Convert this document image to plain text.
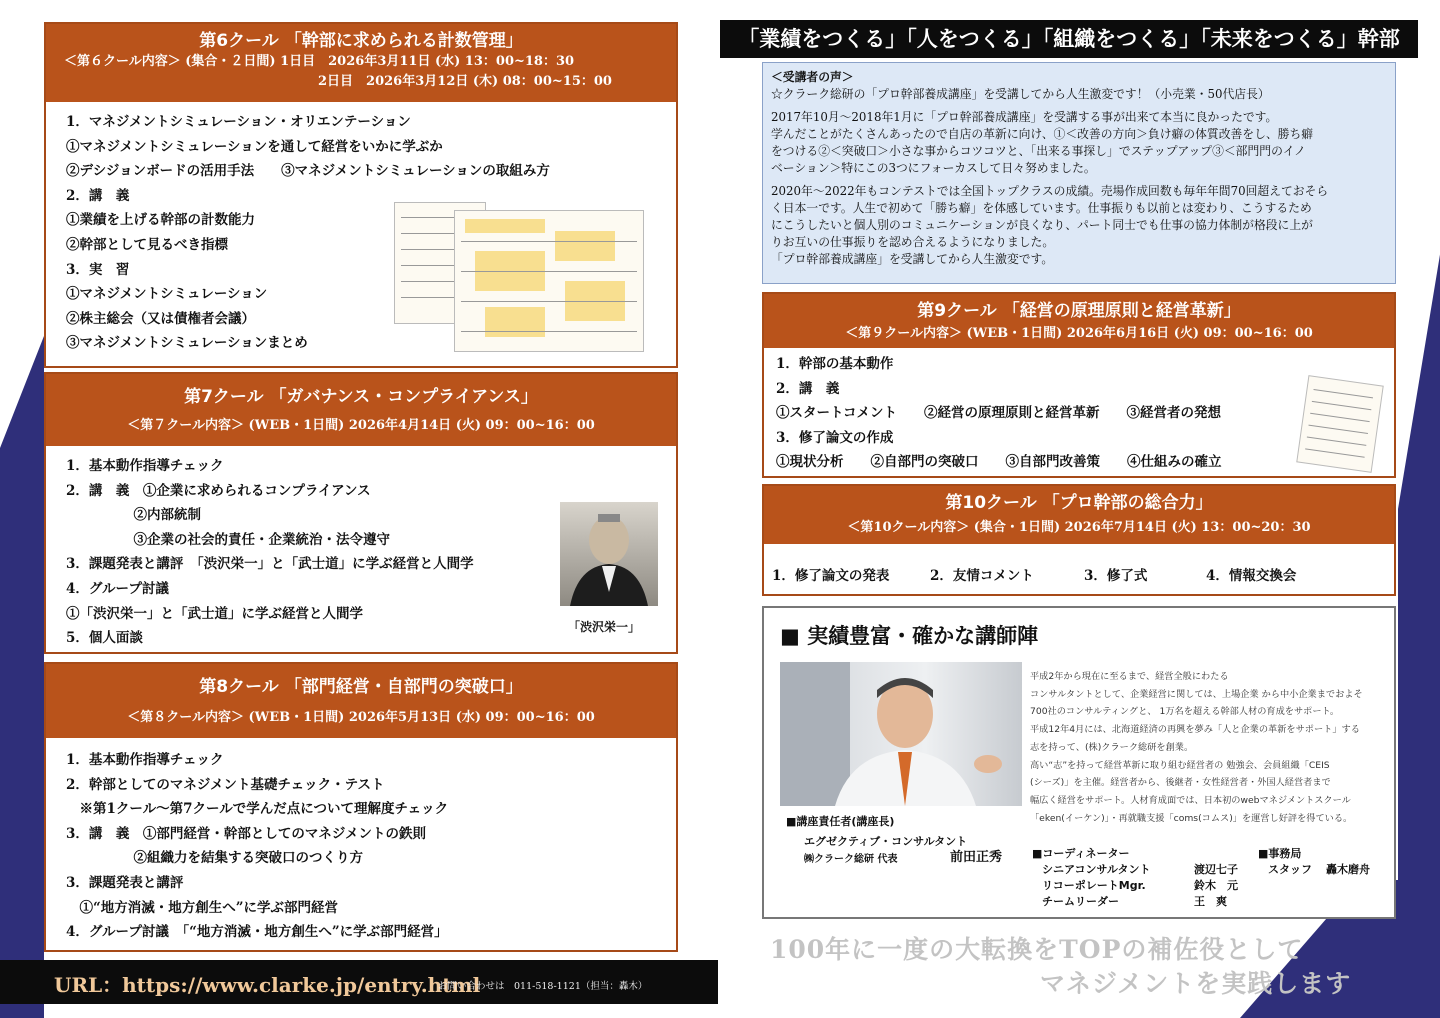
第6クール 「幹部に求められる計数管理」
＜第６クール内容＞ (集合・２日間) 1日目　2026年3月11日 (水) 13：00~18：30
2日目　2026年3月12日 (木) 08：00~15：00
1．マネジメントシミュレーション・オリエンテーション
①マネジメントシミュレーションを通して経営をいかに学ぶか
②デシジョンボードの活用手法　　③マネジメントシミュレーションの取組み方
2．講　義
①業績を上げる幹部の計数能力
②幹部として見るべき指標
3．実　習
①マネジメントシミュレーション
②株主総会（又は債権者会議）
③マネジメントシミュレーションまとめ
第7クール 「ガバナンス・コンプライアンス」
＜第７クール内容＞ (WEB・1日間) 2026年4月14日 (火) 09：00~16：00
1．基本動作指導チェック
2．講　義　①企業に求められるコンプライアンス
　　　　　②内部統制
　　　　　③企業の社会的責任・企業統治・法令遵守
3．課題発表と講評　「渋沢栄一」と「武士道」に学ぶ経営と人間学
4．グループ討議
①「渋沢栄一」と「武士道」に学ぶ経営と人間学
5．個人面談
「渋沢栄一」
第8クール 「部門経営・自部門の突破口」
＜第８クール内容＞ (WEB・1日間) 2026年5月13日 (水) 09：00~16：00
1．基本動作指導チェック
2．幹部としてのマネジメント基礎チェック・テスト
　※第1クール～第7クールで学んだ点について理解度チェック
3．講　義　①部門経営・幹部としてのマネジメントの鉄則
　　　　　②組織力を結集する突破口のつくり方
3．課題発表と講評
　①“地方消滅・地方創生へ”に学ぶ部門経営
4．グループ討議　「“地方消滅・地方創生へ”に学ぶ部門経営」
URL：https://www.clarke.jp/entry.html
お問い合わせは　011-518-1121（担当：轟木）
「業績をつくる」「人をつくる」「組織をつくる」「未来をつくる」幹部

＜受講者の声＞

☆クラーク総研の「プロ幹部養成講座」を受講してから人生激変です！（小売業・50代店長）

2017年10月～2018年1月に「プロ幹部養成講座」を受講する事が出来て本当に良かったです。

学んだことがたくさんあったので自店の革新に向け、①＜改善の方向＞負け癖の体質改善をし、勝ち癖

をつける②＜突破口＞小さな事からコツコツと、「出来る事探し」でステップアップ③＜部門門のイノ

ベーション＞特にこの3つにフォーカスして日々努めました。

2020年～2022年もコンテストでは全国トップクラスの成績。売場作成回数も毎年年間70回超えておそら

く日本一です。人生で初めて「勝ち癖」を体感しています。仕事振りも以前とは変わり、こうするため

にこうしたいと個人別のコミュニケーションが良くなり、パート同士でも仕事の協力体制が格段に上が

りお互いの仕事振りを認め合えるようになりました。

「プロ幹部養成講座」を受講してから人生激変です。

第9クール 「経営の原理原則と経営革新」
＜第９クール内容＞ (WEB・1日間) 2026年6月16日 (火) 09：00~16：00
1．幹部の基本動作
2．講　義
①スタートコメント　　②経営の原理原則と経営革新　　③経営者の発想
3．修了論文の作成
①現状分析　　②自部門の突破口　　③自部門改善策　　④仕組みの確立
第10クール 「プロ幹部の総合力」
＜第10クール内容＞ (集合・1日間) 2026年7月14日 (火) 13：00~20：30
1．修了論文の発表	2．友情コメント	3．修了式	4．情報交換会
■ 実績豊富・確かな講師陣
平成2年から現在に至るまで、経営全般にわたる
コンサルタントとして、企業経営に関しては、上場企業 から中小企業までおよそ
700社のコンサルティングと、 1万名を超える幹部人材の育成をサポート。
平成12年4月には、北海道経済の再興を夢み「人と企業の革新をサポート」する
志を持って、(株)クラーク総研を創業。
高い“志”を持って経営革新に取り組む経営者の 勉強会、会員組織「CEIS
(シーズ)」を主催。経営者から、後継者・女性経営者・外国人経営者まで
幅広く経営をサポート。人材育成面では、日本初のwebマネジメントスクール
「eken(イーケン)」・再就職支援「coms(コムス)」を運営し好評を得ている。
■講座責任者(講座長)
エグゼクティブ・コンサルタント
㈱クラーク総研 代表	前田正秀	■コーディネーター
シニアコンサルタント	渡辺七子
リコーポレートMgr.	鈴木　元
チームリーダー	王　爽
■事務局
スタッフ 轟木磨舟
100年に一度の大転換をTOPの補佐役として
マネジメントを実践します
